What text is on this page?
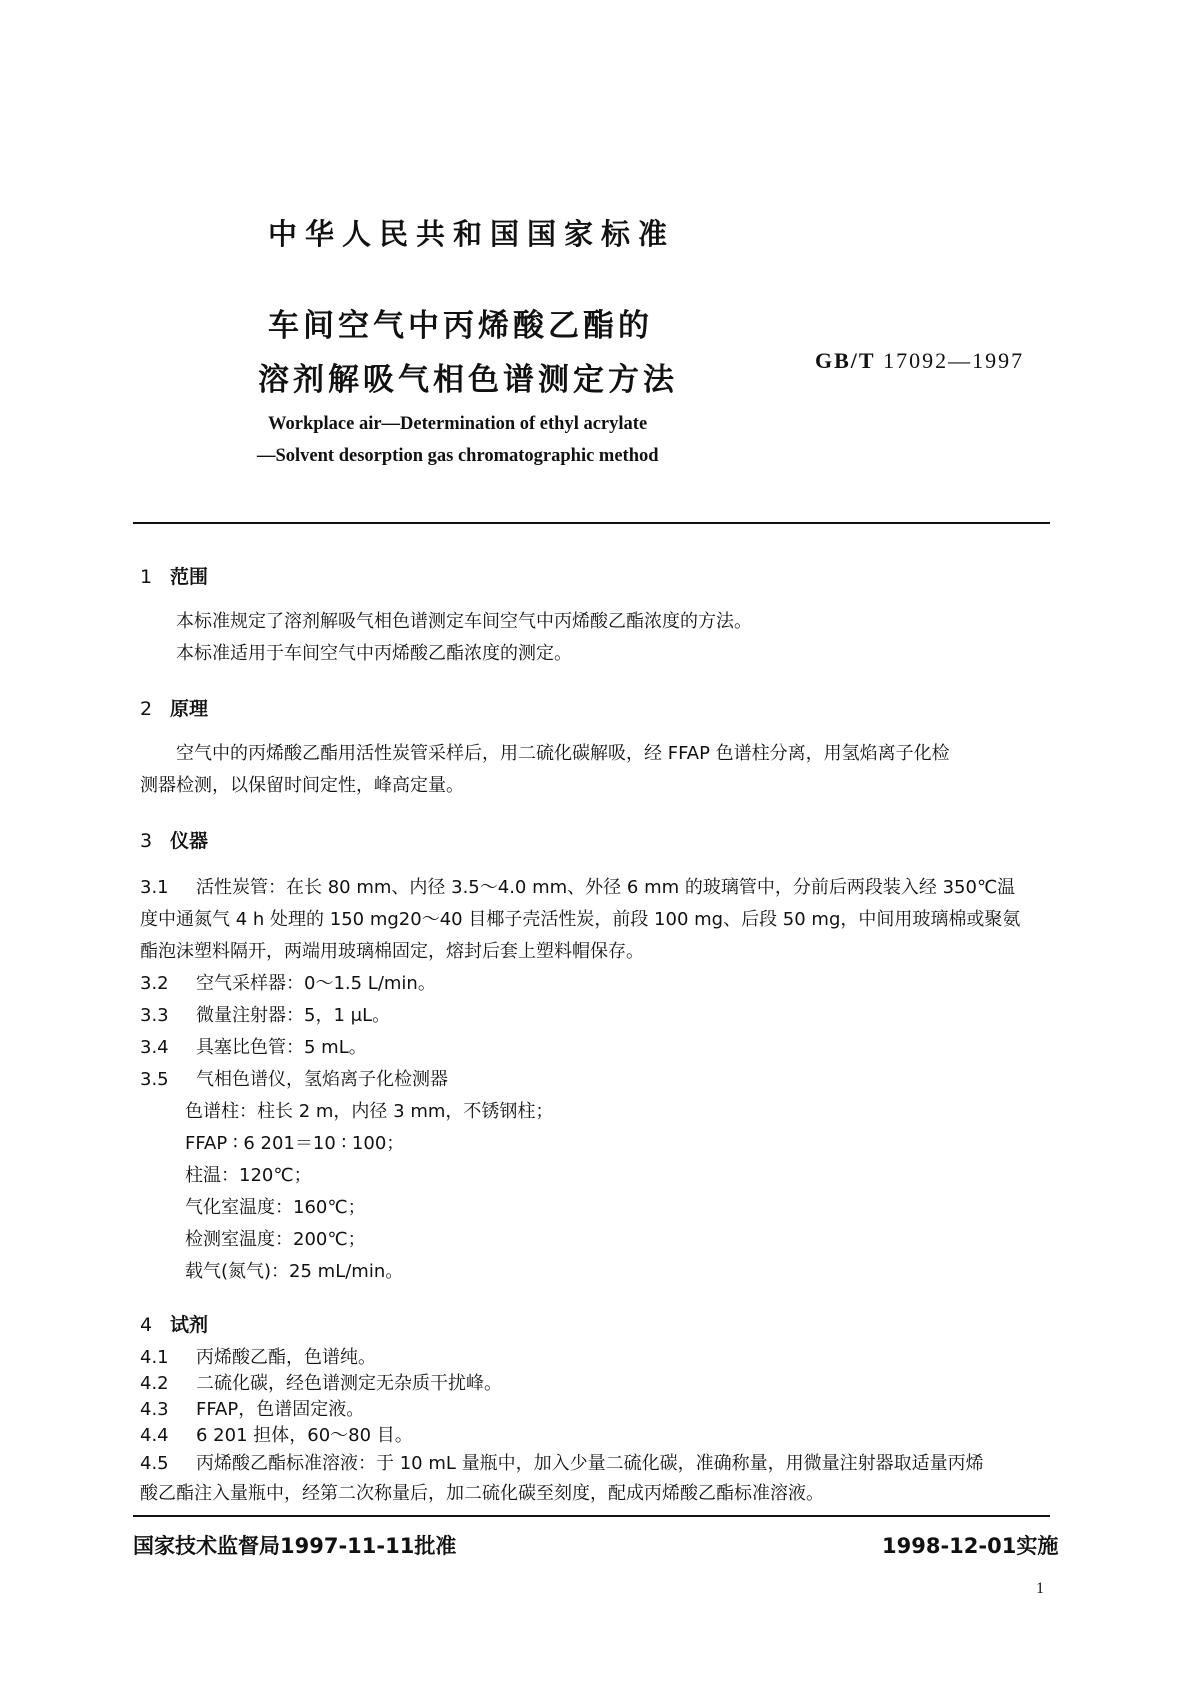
中华人民共和国国家标准
车间空气中丙烯酸乙酯的
溶剂解吸气相色谱测定方法
GB/T 17092—1997
Workplace air—Determination of ethyl acrylate
—Solvent desorption gas chromatographic method
1 范围
本标准规定了溶剂解吸气相色谱测定车间空气中丙烯酸乙酯浓度的方法。
本标准适用于车间空气中丙烯酸乙酯浓度的测定。
2 原理
空气中的丙烯酸乙酯用活性炭管采样后，用二硫化碳解吸，经 FFAP 色谱柱分离，用氢焰离子化检
测器检测，以保留时间定性，峰高定量。
3 仪器
3.1 活性炭管：在长 80 mm、内径 3.5～4.0 mm、外径 6 mm 的玻璃管中，分前后两段装入经 350℃温
度中通氮气 4 h 处理的 150 mg20～40 目椰子壳活性炭，前段 100 mg、后段 50 mg，中间用玻璃棉或聚氨
酯泡沫塑料隔开，两端用玻璃棉固定，熔封后套上塑料帽保存。
3.2 空气采样器：0～1.5 L/min。
3.3 微量注射器：5，1 μL。
3.4 具塞比色管：5 mL。
3.5 气相色谱仪，氢焰离子化检测器
色谱柱：柱长 2 m，内径 3 mm，不锈钢柱；
FFAP ∶ 6 201＝10 ∶ 100；
柱温：120℃；
气化室温度：160℃；
检测室温度：200℃；
载气(氮气)：25 mL/min。
4 试剂
4.1 丙烯酸乙酯，色谱纯。
4.2 二硫化碳，经色谱测定无杂质干扰峰。
4.3 FFAP，色谱固定液。
4.4 6 201 担体，60～80 目。
4.5 丙烯酸乙酯标准溶液：于 10 mL 量瓶中，加入少量二硫化碳，准确称量，用微量注射器取适量丙烯
国家技术监督局1997-11-11批准	1998-12-01实施
1
酸乙酯注入量瓶中，经第二次称量后，加二硫化碳至刻度，配成丙烯酸乙酯标准溶液。
